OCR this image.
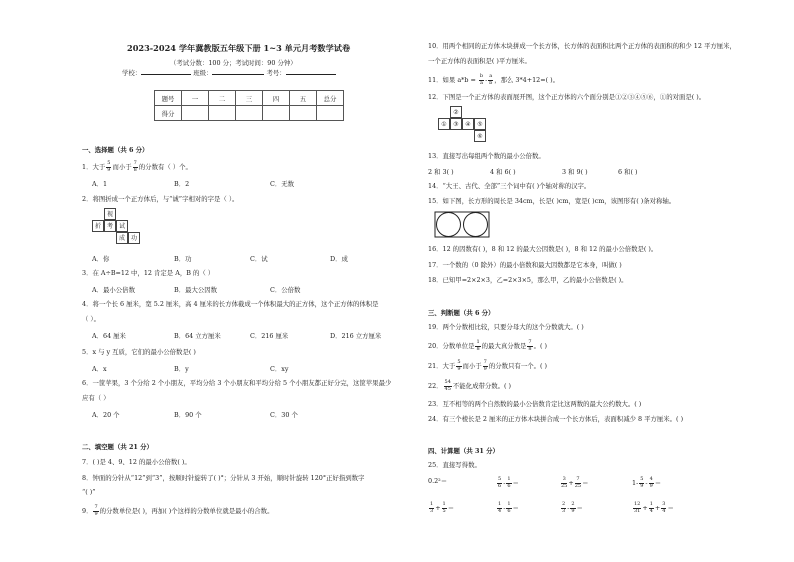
2023-2024 学年冀教版五年级下册 1~3 单元月考数学试卷
（考试分数：100 分；考试时间：90 分钟）
学校：	班级：	考号：
题号	一	二	三	四	五	总分
得分						
一、选择题（共 6 分）
1．大于 $\frac{5}{9}$ 而小于 $\frac{7}{8}$ 的分数有（ ）个。
A．1	B．2	C．无数
2．将图折成一个正方体后，与“诚”字相对的字是（ ）。
视
折 考 试
成 功
A．你	B．功	C．试	D．成
3．在 A÷B=12 中，12 肯定是 A，B 的（ ）
A．最小公倍数	B．最大公因数	C．公倍数
4．将一个长 6 厘米，宽 5.2 厘米，高 4 厘米的长方体截成一个体积最大的正方体，这个正方体的体积是
（ ）。
A．64 厘米	B．64 立方厘米	C．216 厘米	D．216 立方厘米
5．x 与 y 互质，它们的最小公倍数是( )
A．x	B．y	C．xy
6．一筐苹果，3 个分给 2 个小朋友，平均分给 3 个小朋友和平均分给 5 个小朋友都正好分完，这筐苹果最少
应有（ ）
A．20 个	B．90 个	C．30 个
二、填空题（共 21 分）
7．( )是 4、9、12 的最小公倍数( )。
8．钟面的分针从“12”到“3”，按顺时针旋转了( )°；分针从 3 开始，顺时针旋转 120°正好指到数字
“( )”
9． $\frac{7}{9}$ 的分数单位是( )，再加( )个这样的分数单位就是最小的合数。
10．用两个相同的正方体木块拼成一个长方体，长方体的表面积比两个正方体的表面积的和少 12 平方厘米，
一个正方体的表面积是( )平方厘米。
11．如果 $a*b = \frac{b}{a} - \frac{a}{b}$ ，那么 3*4+12=( )。
12．下图是一个正方体的表面展开图，这个正方体的六个面分别是①②③④⑤⑥，①的对面是( )。
②
③
①	④	⑤
⑥
13．直接写出每组两个数的最小公倍数。
2 和 3( )	4 和 6( )	3 和 9( )	6 和( )
14．“大王、古代、全部”三个词中有( )个轴对称的汉字。
15．如下图，长方形的周长是 34cm，长是( )cm，宽是( )cm，该图形有( )条对称轴。
16．12 的因数有( )，8 和 12 的最大公因数是( )，8 和 12 的最小公倍数是( )。
17．一个数的（0 除外）的最小倍数和最大因数都是它本身，叫做( )
18．已知甲=2×2×3，乙=2×3×5，那么甲，乙的最小公倍数是( )。
三、判断题（共 6 分）
19．两个分数相比较，只要分母大的这个分数就大。( )
20．分数单位是 $\frac{1}{8}$ 的最大真分数是 $\frac{7}{8}$ 。( )
21．大于 $\frac{5}{9}$ 而小于 $\frac{7}{9}$ 的分数只有一个。( )
22． $\frac{54}{45}$ 不能化成带分数。( )
23．互不相等的两个自然数的最小公倍数肯定比这两数的最大公约数大。( )
24．有三个棱长是 2 厘米的正方体木块拼合成一个长方体后，表面积减少 8 平方厘米。( )
四、计算题（共 31 分）
25．直接写得数。
0.2²＝	$\frac{5}{6} - \frac{1}{6}$ ＝	$\frac{3}{25} + \frac{7}{25}$ ＝	$1- \frac{5}{9} - \frac{4}{9}$ ＝
$\frac{1}{3} + \frac{1}{5}$ ＝	$\frac{1}{4} - \frac{1}{6}$ ＝	$\frac{2}{3} - \frac{2}{9}$ ＝	$\frac{12}{31} + \frac{1}{4} + \frac{3}{4}$ ＝
